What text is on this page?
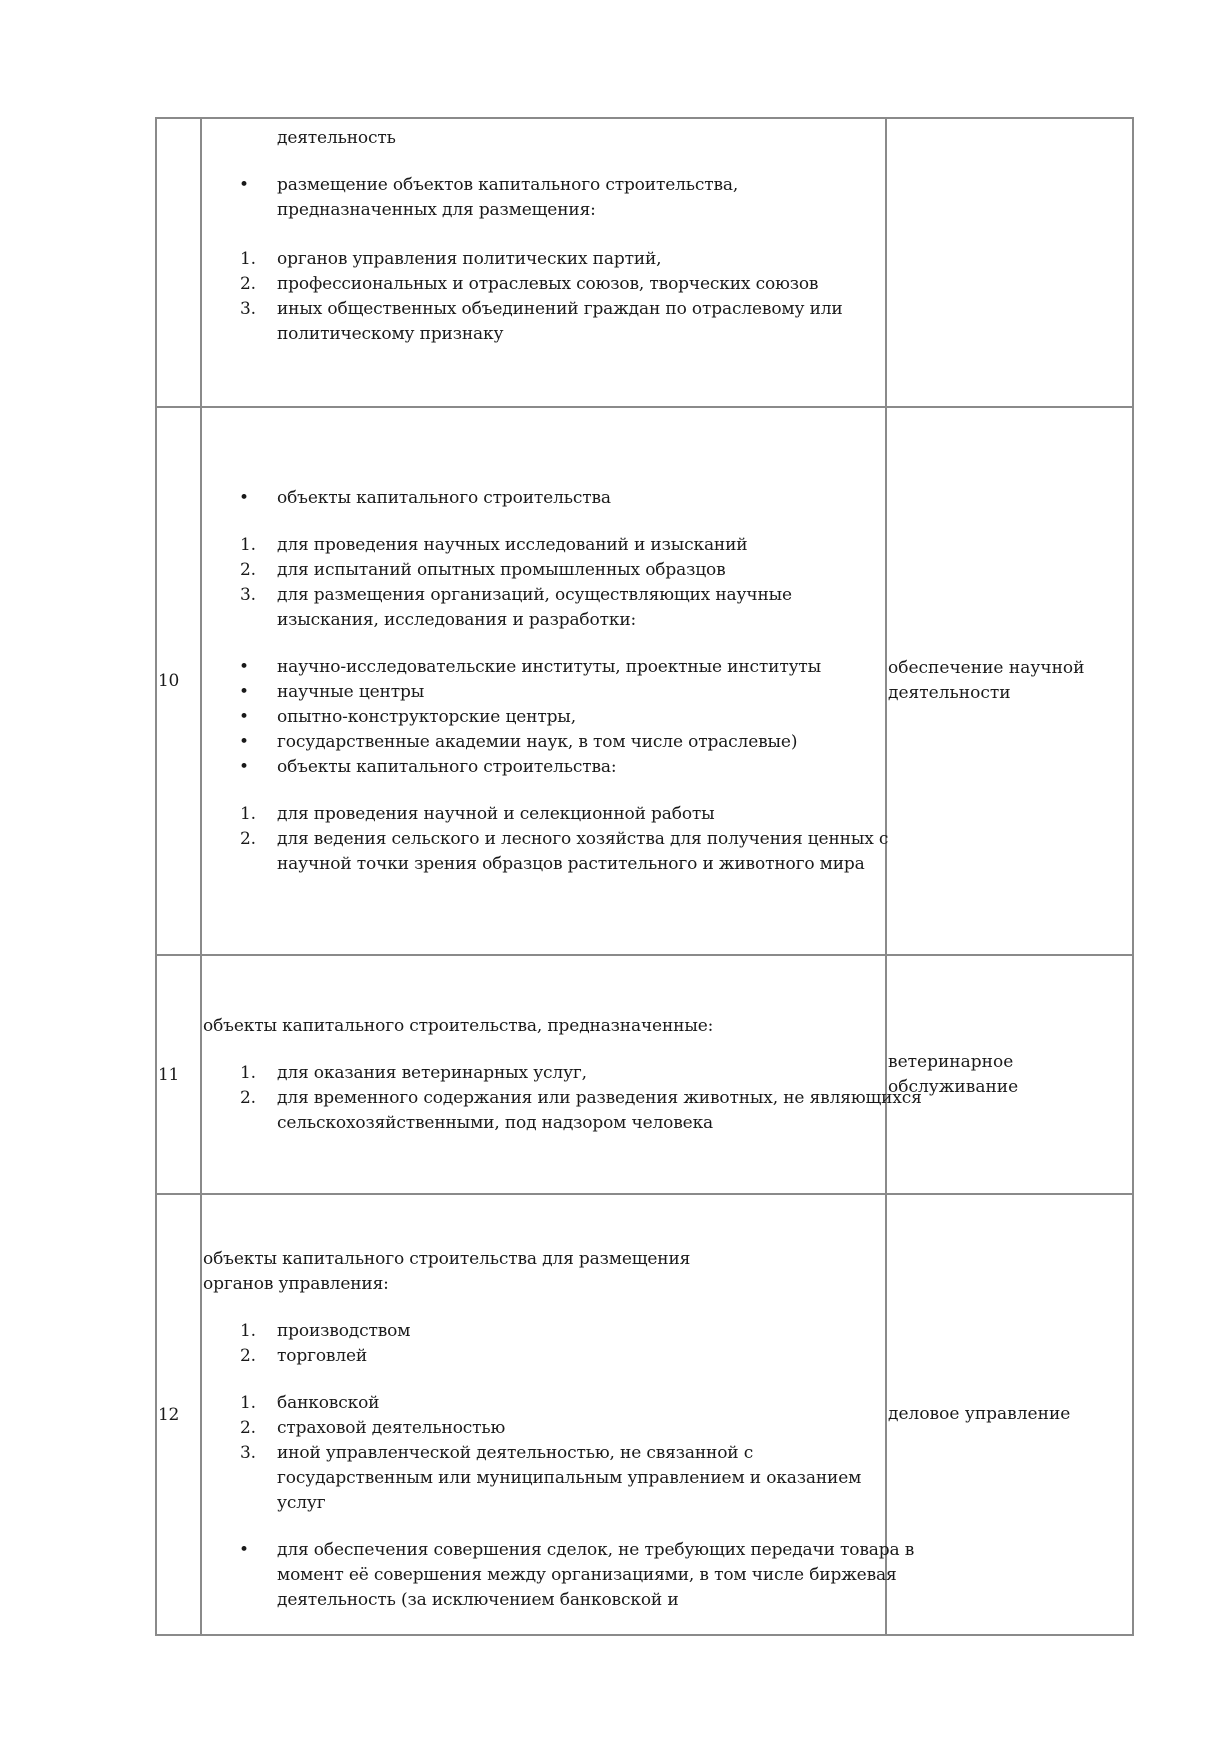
деятельность
• размещение объектов капитального строительства, предназначенных для размещения:
1. органов управления политических партий,
2. профессиональных и отраслевых союзов, творческих союзов
3. иных общественных объединений граждан по отраслевому или политическому признаку
10
• объекты капитального строительства
1. для проведения научных исследований и изысканий
2. для испытаний опытных промышленных образцов
3. для размещения организаций, осуществляющих научные изыскания, исследования и разработки:
• научно-исследовательские институты, проектные институты
• научные центры
• опытно-конструкторские центры,
• государственные академии наук, в том числе отраслевые)
• объекты капитального строительства:
1. для проведения научной и селекционной работы
2. для ведения сельского и лесного хозяйства для получения ценных с научной точки зрения образцов растительного и животного мира
обеспечение научной деятельности
11
объекты капитального строительства, предназначенные:
1. для оказания ветеринарных услуг,
2. для временного содержания или разведения животных, не являющихся сельскохозяйственными, под надзором человека
ветеринарное обслуживание
12
объекты капитального строительства для размещения органов управления:
1. производством
2. торговлей
1. банковской
2. страховой деятельностью
3. иной управленческой деятельностью, не связанной с государственным или муниципальным управлением и оказанием услуг
• для обеспечения совершения сделок, не требующих передачи товара в момент её совершения между организациями, в том числе биржевая деятельность (за исключением банковской и
деловое управление
